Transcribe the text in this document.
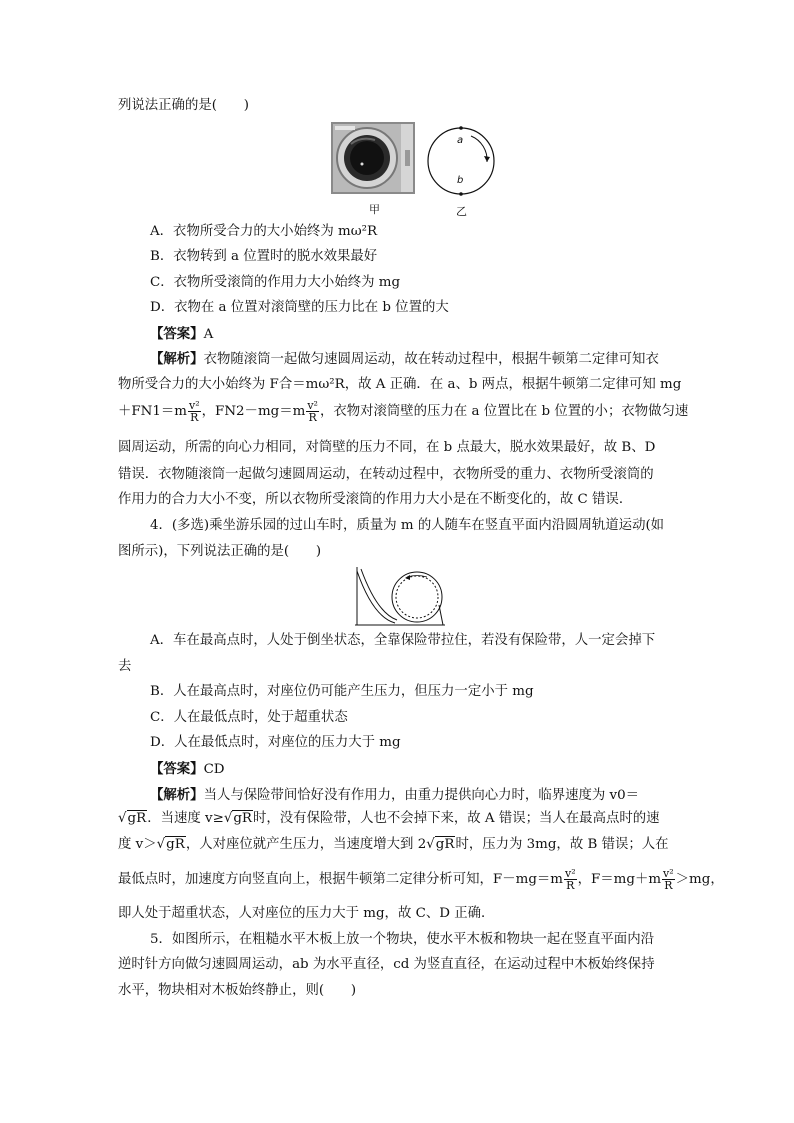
列说法正确的是(　　)
甲
a
b
乙
A．衣物所受合力的大小始终为 mω²R
B．衣物转到 a 位置时的脱水效果最好
C．衣物所受滚筒的作用力大小始终为 mg
D．衣物在 a 位置对滚筒壁的压力比在 b 位置的大
【答案】A
【解析】衣物随滚筒一起做匀速圆周运动，故在转动过程中，根据牛顿第二定律可知衣
物所受合力的大小始终为 F合＝mω²R，故 A 正确．在 a、b 两点，根据牛顿第二定律可知 mg
$+FN1=m \frac{\text{v²}}{R}$ ，$FN2-mg=m \frac{\text{v²}}{R}$ ，衣物对滚筒壁的压力在 a 位置比在 b 位置的小；衣物做匀速
圆周运动，所需的向心力相同，对筒壁的压力不同，在 b 点最大，脱水效果最好，故 B、D
错误．衣物随滚筒一起做匀速圆周运动，在转动过程中，衣物所受的重力、衣物所受滚筒的
作用力的合力大小不变，所以衣物所受滚筒的作用力大小是在不断变化的，故 C 错误．
4．(多选)乘坐游乐园的过山车时，质量为 m 的人随车在竖直平面内沿圆周轨道运动(如
图所示)，下列说法正确的是(　　)
A．车在最高点时，人处于倒坐状态，全靠保险带拉住，若没有保险带，人一定会掉下
去
B．人在最高点时，对座位仍可能产生压力，但压力一定小于 mg
C．人在最低点时，处于超重状态
D．人在最低点时，对座位的压力大于 mg
【答案】CD
【解析】当人与保险带间恰好没有作用力，由重力提供向心力时，临界速度为 v0＝
√gR．当速度 v≥√gR时，没有保险带，人也不会掉下来，故 A 错误；当人在最高点时的速
度 v＞√gR，人对座位就产生压力，当速度增大到 2√gR时，压力为 3mg，故 B 错误；人在
最低点时，加速度方向竖直向上，根据牛顿第二定律分析可知，$F-mg=m \frac{\text{v²}}{R}$ ，$F=mg+m \frac{\text{v²}}{R} >mg$，
即人处于超重状态，人对座位的压力大于 mg，故 C、D 正确．
5．如图所示，在粗糙水平木板上放一个物块，使水平木板和物块一起在竖直平面内沿
逆时针方向做匀速圆周运动，ab 为水平直径，cd 为竖直直径，在运动过程中木板始终保持
水平，物块相对木板始终静止，则(　　)
